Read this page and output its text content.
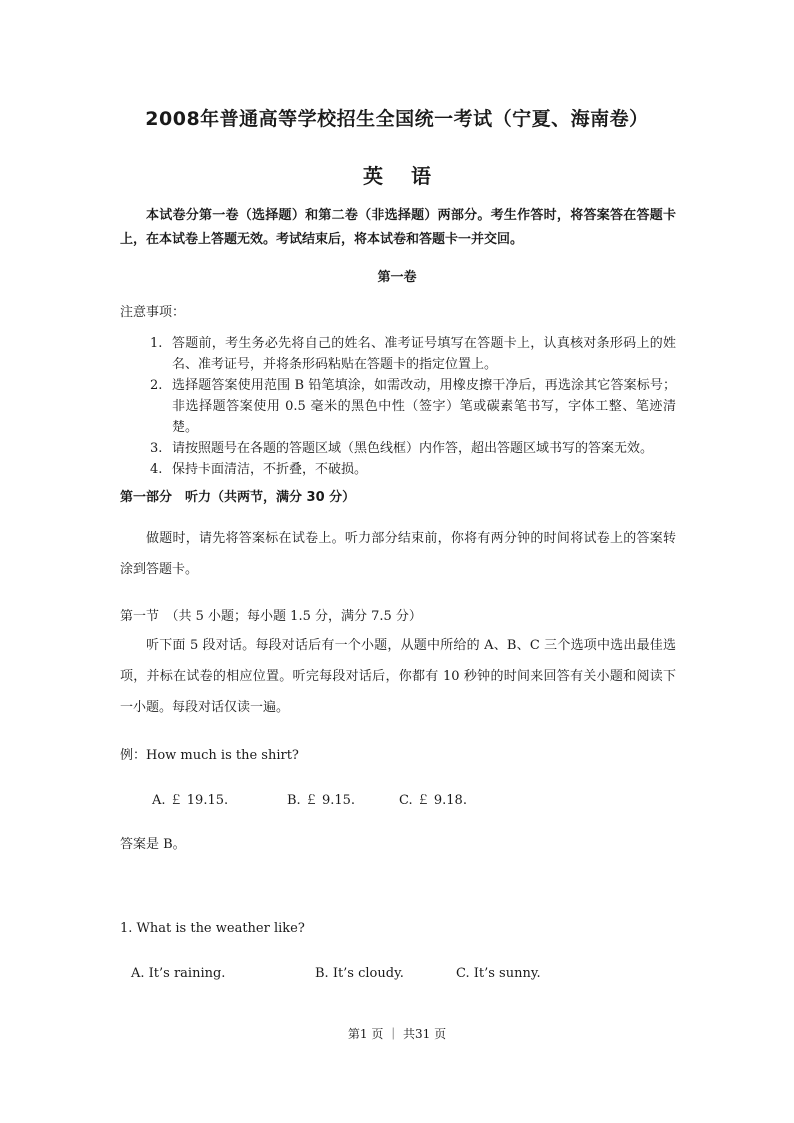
2008年普通高等学校招生全国统一考试（宁夏、海南卷）
英语
本试卷分第一卷（选择题）和第二卷（非选择题）两部分。考生作答时，将答案答在答题卡上，在本试卷上答题无效。考试结束后，将本试卷和答题卡一并交回。
第一卷
注意事项：
1. 答题前，考生务必先将自己的姓名、准考证号填写在答题卡上，认真核对条形码上的姓名、准考证号，并将条形码粘贴在答题卡的指定位置上。
2. 选择题答案使用范围 B 铅笔填涂，如需改动，用橡皮擦干净后，再选涂其它答案标号；非选择题答案使用 0.5 毫米的黑色中性（签字）笔或碳素笔书写，字体工整、笔迹清楚。
3. 请按照题号在各题的答题区域（黑色线框）内作答，超出答题区域书写的答案无效。
4. 保持卡面清洁，不折叠，不破损。
第一部分　听力（共两节，满分 30 分）
做题时，请先将答案标在试卷上。听力部分结束前，你将有两分钟的时间将试卷上的答案转涂到答题卡。
第一节　（共 5 小题；每小题 1.5 分，满分 7.5 分）
听下面 5 段对话。每段对话后有一个小题，从题中所给的 A、B、C 三个选项中选出最佳选项，并标在试卷的相应位置。听完每段对话后，你都有 10 秒钟的时间来回答有关小题和阅读下一小题。每段对话仅读一遍。
例：How much is the shirt?
A. ￡ 19.15.	B. ￡ 9.15.	C. ￡ 9.18.
答案是 B。
1. What is the weather like?
A. It’s raining.	B. It’s cloudy.	C. It’s sunny.
第1 页 ｜ 共31 页
